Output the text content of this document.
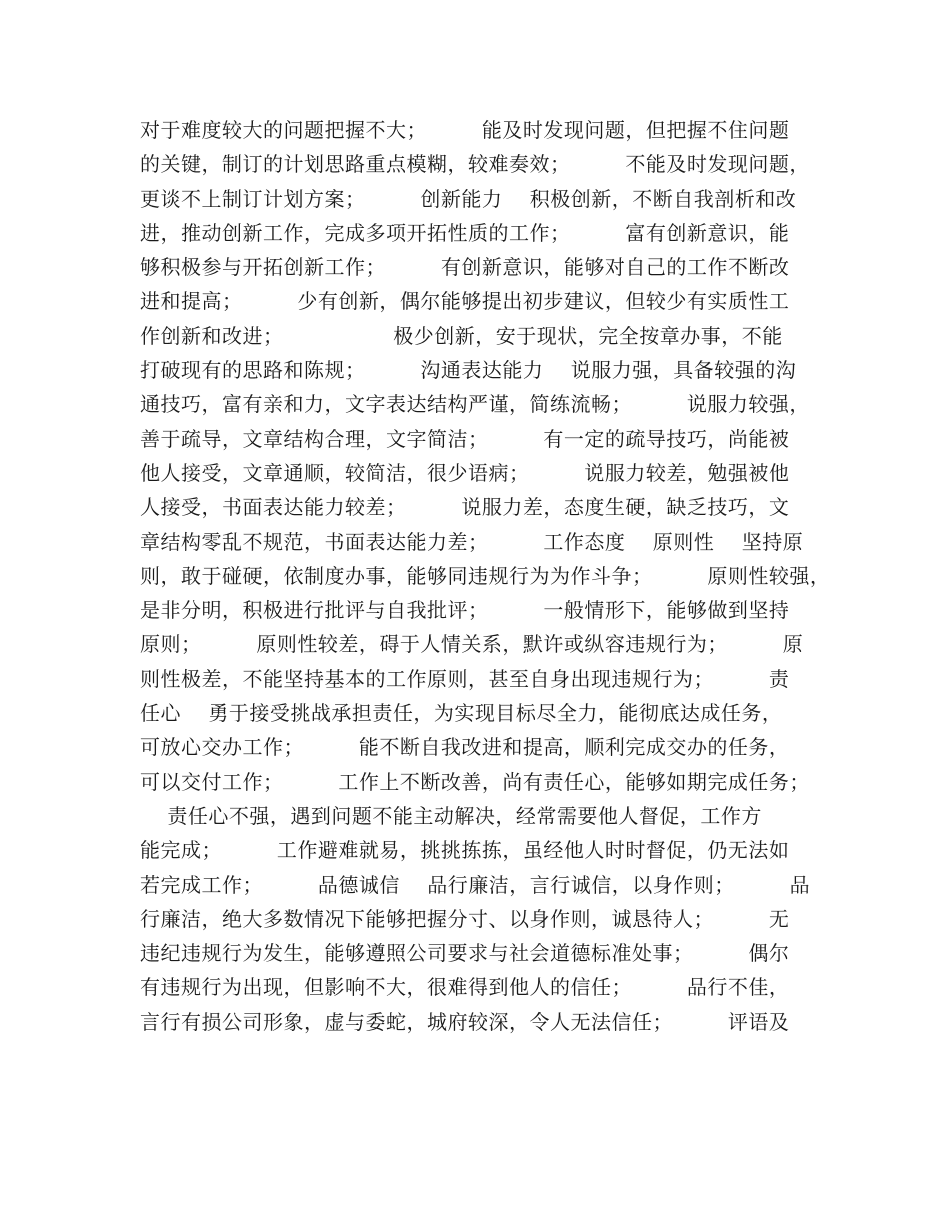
对于难度较大的问题把握不大；        能及时发现问题，但把握不住问题
的关键，制订的计划思路重点模糊，较难奏效；        不能及时发现问题，
更谈不上制订计划方案；        创新能力    积极创新，不断自我剖析和改
进，推动创新工作，完成多项开拓性质的工作；        富有创新意识，能
够积极参与开拓创新工作；        有创新意识，能够对自己的工作不断改
进和提高；        少有创新，偶尔能够提出初步建议，但较少有实质性工
作创新和改进；                极少创新，安于现状，完全按章办事，不能
打破现有的思路和陈规；        沟通表达能力    说服力强，具备较强的沟
通技巧，富有亲和力，文字表达结构严谨，简练流畅；        说服力较强，
善于疏导，文章结构合理，文字简洁；        有一定的疏导技巧，尚能被
他人接受，文章通顺，较简洁，很少语病；        说服力较差，勉强被他
人接受，书面表达能力较差；        说服力差，态度生硬，缺乏技巧，文
章结构零乱不规范，书面表达能力差；        工作态度    原则性    坚持原
则，敢于碰硬，依制度办事，能够同违规行为为作斗争；        原则性较强，
是非分明，积极进行批评与自我批评；        一般情形下，能够做到坚持
原则；        原则性较差，碍于人情关系，默许或纵容违规行为；        原
则性极差，不能坚持基本的工作原则，甚至自身出现违规行为；        责
任心    勇于接受挑战承担责任，为实现目标尽全力，能彻底达成任务，
可放心交办工作；        能不断自我改进和提高，顺利完成交办的任务，
可以交付工作；        工作上不断改善，尚有责任心，能够如期完成任务；
责任心不强，遇到问题不能主动解决，经常需要他人督促，工作方
能完成；        工作避难就易，挑挑拣拣，虽经他人时时督促，仍无法如
若完成工作；        品德诚信    品行廉洁，言行诚信，以身作则；        品
行廉洁，绝大多数情况下能够把握分寸、以身作则，诚恳待人；        无
违纪违规行为发生，能够遵照公司要求与社会道德标准处事；        偶尔
有违规行为出现，但影响不大，很难得到他人的信任；        品行不佳，
言行有损公司形象，虚与委蛇，城府较深，令人无法信任；        评语及
